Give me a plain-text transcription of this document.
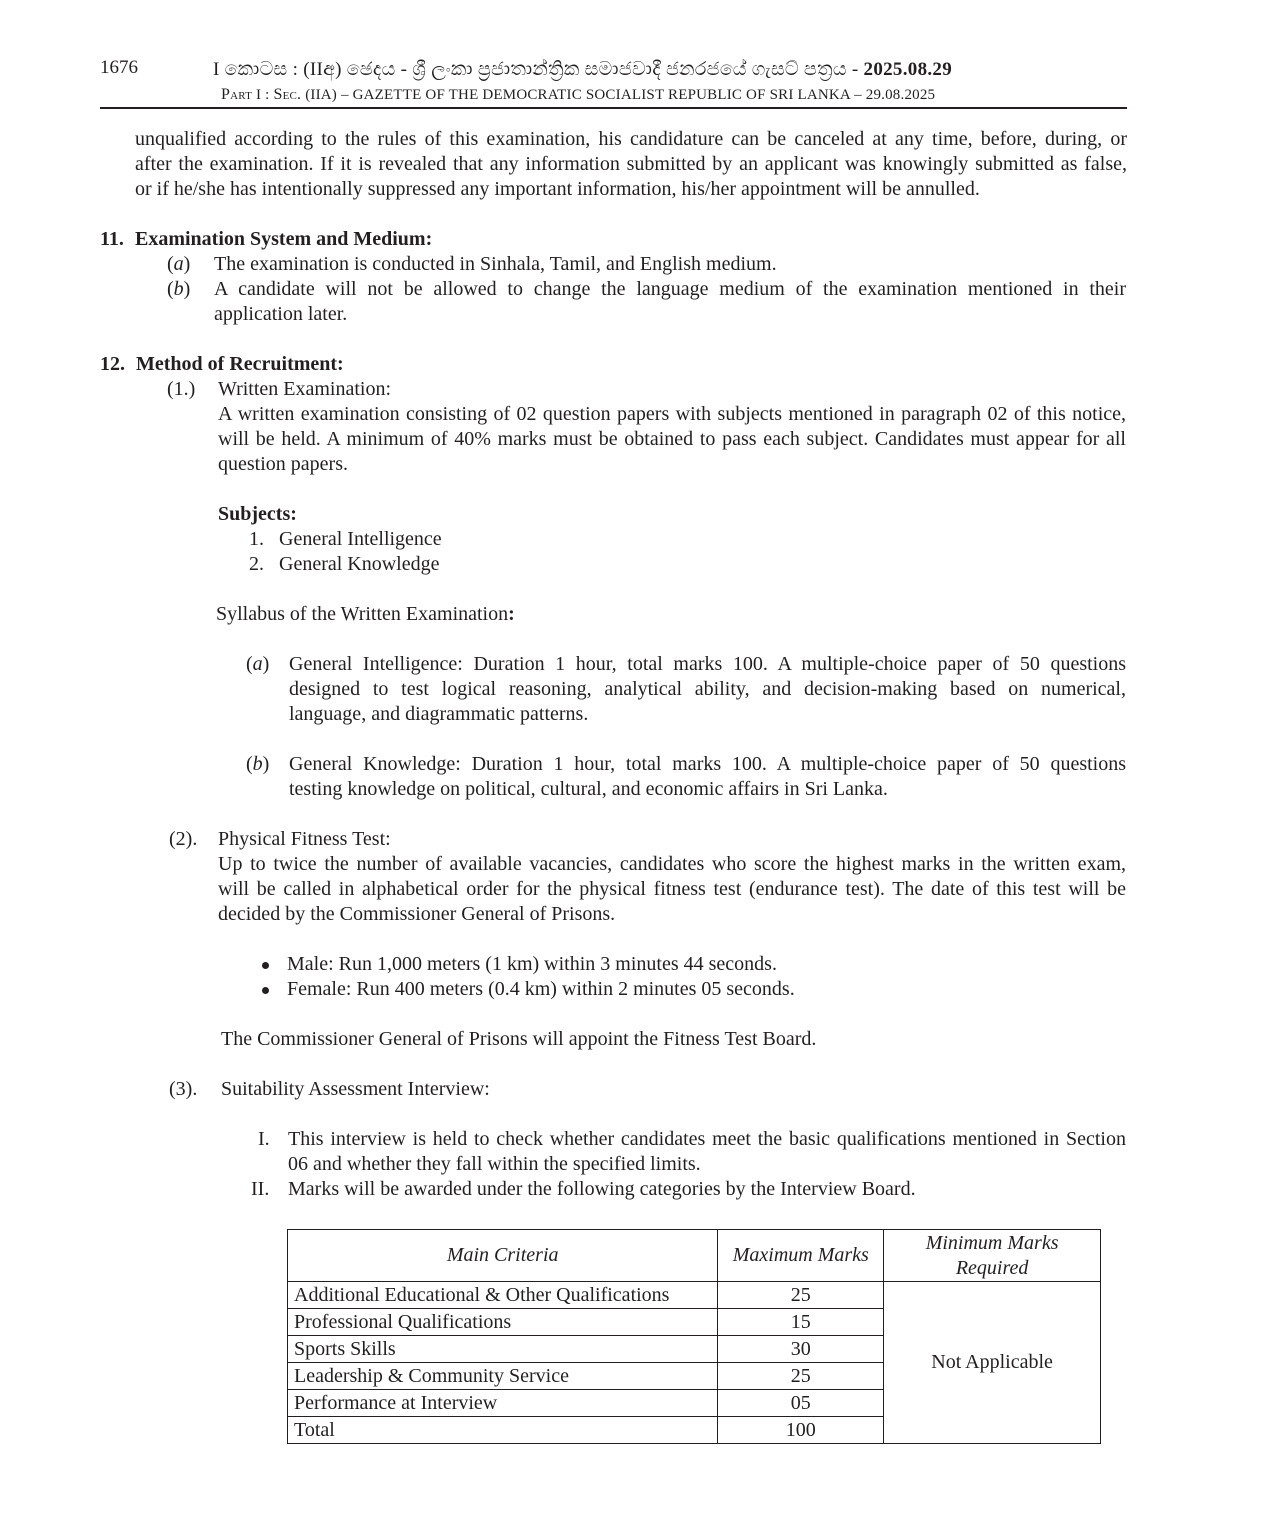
1676	I කොටස : (IIඅ) ඡෙදය - ශ්‍රී ලංකා ප්‍රජාතාන්ත්‍රික සමාජවාදී ජනරජයේ ගැසට් පත්‍රය - 2025.08.29
Part I : Sec. (IIA) – GAZETTE OF THE DEMOCRATIC SOCIALIST REPUBLIC OF SRI LANKA – 29.08.2025
unqualified according to the rules of this examination, his candidature can be canceled at any time, before, during, or
after the examination. If it is revealed that any information submitted by an applicant was knowingly submitted as false,
or if he/she has intentionally suppressed any important information, his/her appointment will be annulled.
11. Examination System and Medium:
(a) The examination is conducted in Sinhala, Tamil, and English medium.
(b) A candidate will not be allowed to change the language medium of the examination mentioned in their
application later.
12. Method of Recruitment:
(1.) Written Examination:
A written examination consisting of 02 question papers with subjects mentioned in paragraph 02 of this notice,
will be held. A minimum of 40% marks must be obtained to pass each subject. Candidates must appear for all
question papers.
Subjects:
1. General Intelligence
2. General Knowledge
Syllabus of the Written Examination:
(a) General Intelligence: Duration 1 hour, total marks 100. A multiple-choice paper of 50 questions
designed to test logical reasoning, analytical ability, and decision-making based on numerical,
language, and diagrammatic patterns.
(b) General Knowledge: Duration 1 hour, total marks 100. A multiple-choice paper of 50 questions
testing knowledge on political, cultural, and economic affairs in Sri Lanka.
(2). Physical Fitness Test:
Up to twice the number of available vacancies, candidates who score the highest marks in the written exam,
will be called in alphabetical order for the physical fitness test (endurance test). The date of this test will be
decided by the Commissioner General of Prisons.
Male: Run 1,000 meters (1 km) within 3 minutes 44 seconds.
Female: Run 400 meters (0.4 km) within 2 minutes 05 seconds.
The Commissioner General of Prisons will appoint the Fitness Test Board.
(3). Suitability Assessment Interview:
I. This interview is held to check whether candidates meet the basic qualifications mentioned in Section
06 and whether they fall within the specified limits.
II. Marks will be awarded under the following categories by the Interview Board.
Main Criteria	Maximum Marks	Minimum Marks
Required

Additional Educational & Other Qualifications	25	Not Applicable
Professional Qualifications	15	
Sports Skills	30	
Leadership & Community Service	25	
Performance at Interview	05	
Total	100	
